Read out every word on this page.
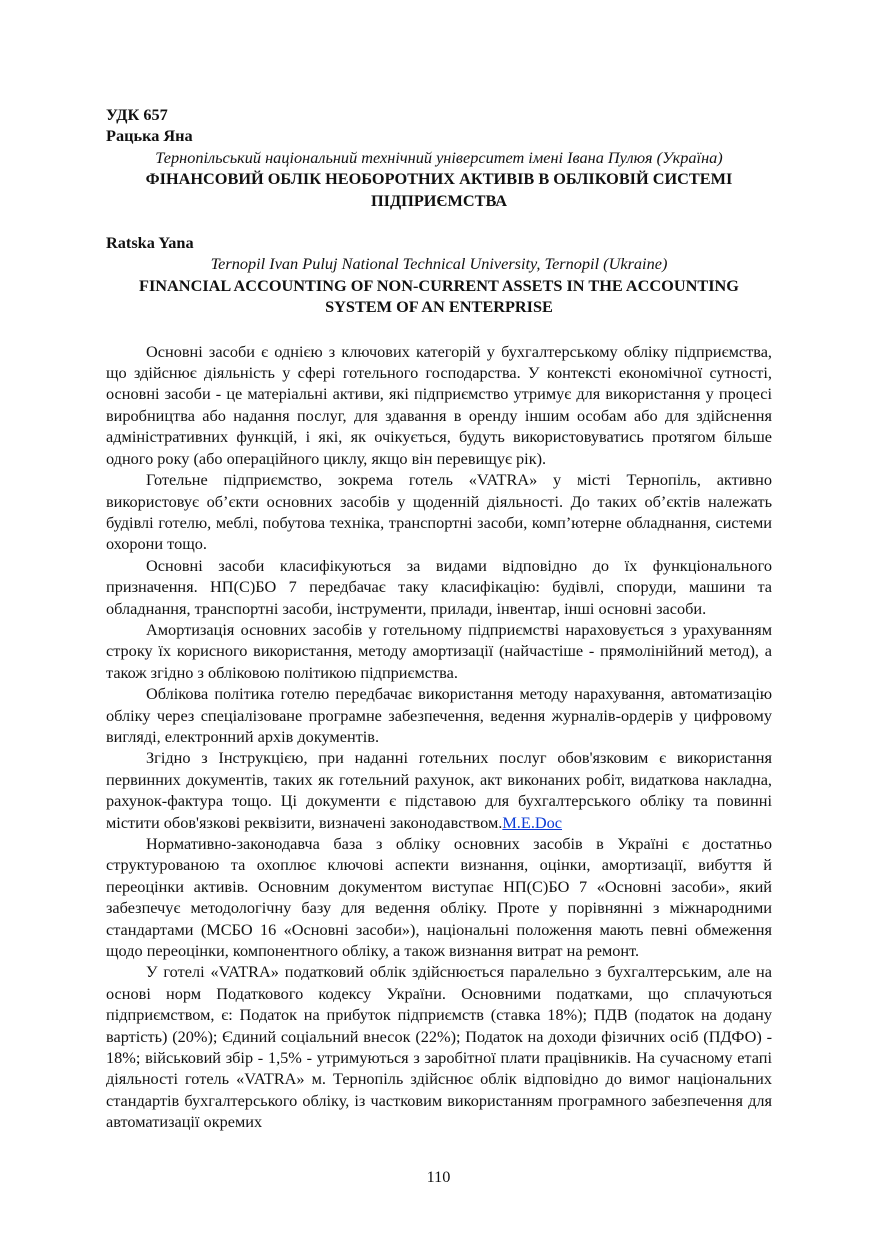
УДК 657
Рацька Яна
Тернопільський національний технічний університет імені Івана Пулюя (Україна)
ФІНАНСОВИЙ ОБЛІК НЕОБОРОТНИХ АКТИВІВ В ОБЛІКОВІЙ СИСТЕМІ ПІДПРИЄМСТВА
Ratska Yana
Ternopil Ivan Puluj National Technical University, Ternopil (Ukraine)
FINANCIAL ACCOUNTING OF NON-CURRENT ASSETS IN THE ACCOUNTING SYSTEM OF AN ENTERPRISE

Основні засоби є однією з ключових категорій у бухгалтерському обліку підприємства, що здійснює діяльність у сфері готельного господарства. У контексті економічної сутності, основні засоби - це матеріальні активи, які підприємство утримує для використання у процесі виробництва або надання послуг, для здавання в оренду іншим особам або для здійснення адміністративних функцій, і які, як очікується, будуть використовуватись протягом більше одного року (або операційного циклу, якщо він перевищує рік).

Готельне підприємство, зокрема готель «VATRA» у місті Тернопіль, активно використовує об’єкти основних засобів у щоденній діяльності. До таких об’єктів належать будівлі готелю, меблі, побутова техніка, транспортні засоби, комп’ютерне обладнання, системи охорони тощо.

Основні засоби класифікуються за видами відповідно до їх функціонального призначення. НП(С)БО 7 передбачає таку класифікацію: будівлі, споруди, машини та обладнання, транспортні засоби, інструменти, прилади, інвентар, інші основні засоби.

Амортизація основних засобів у готельному підприємстві нараховується з урахуванням строку їх корисного використання, методу амортизації (найчастіше - прямолінійний метод), а також згідно з обліковою політикою підприємства.

Облікова політика готелю передбачає використання методу нарахування, автоматизацію обліку через спеціалізоване програмне забезпечення, ведення журналів-ордерів у цифровому вигляді, електронний архів документів.

Згідно з Інструкцією, при наданні готельних послуг обов'язковим є використання первинних документів, таких як готельний рахунок, акт виконаних робіт, видаткова накладна, рахунок-фактура тощо. Ці документи є підставою для бухгалтерського обліку та повинні містити обов'язкові реквізити, визначені законодавством.M.E.Doc

Нормативно-законодавча база з обліку основних засобів в Україні є достатньо структурованою та охоплює ключові аспекти визнання, оцінки, амортизації, вибуття й переоцінки активів. Основним документом виступає НП(С)БО 7 «Основні засоби», який забезпечує методологічну базу для ведення обліку. Проте у порівнянні з міжнародними стандартами (МСБО 16 «Основні засоби»), національні положення мають певні обмеження щодо переоцінки, компонентного обліку, а також визнання витрат на ремонт.

У готелі «VATRA» податковий облік здійснюється паралельно з бухгалтерським, але на основі норм Податкового кодексу України. Основними податками, що сплачуються підприємством, є: Податок на прибуток підприємств (ставка 18%); ПДВ (податок на додану вартість) (20%); Єдиний соціальний внесок (22%); Податок на доходи фізичних осіб (ПДФО) - 18%; військовий збір - 1,5% - утримуються з заробітної плати працівників. На сучасному етапі діяльності готель «VATRA» м. Тернопіль здійснює облік відповідно до вимог національних стандартів бухгалтерського обліку, із частковим використанням програмного забезпечення для автоматизації окремих

110
